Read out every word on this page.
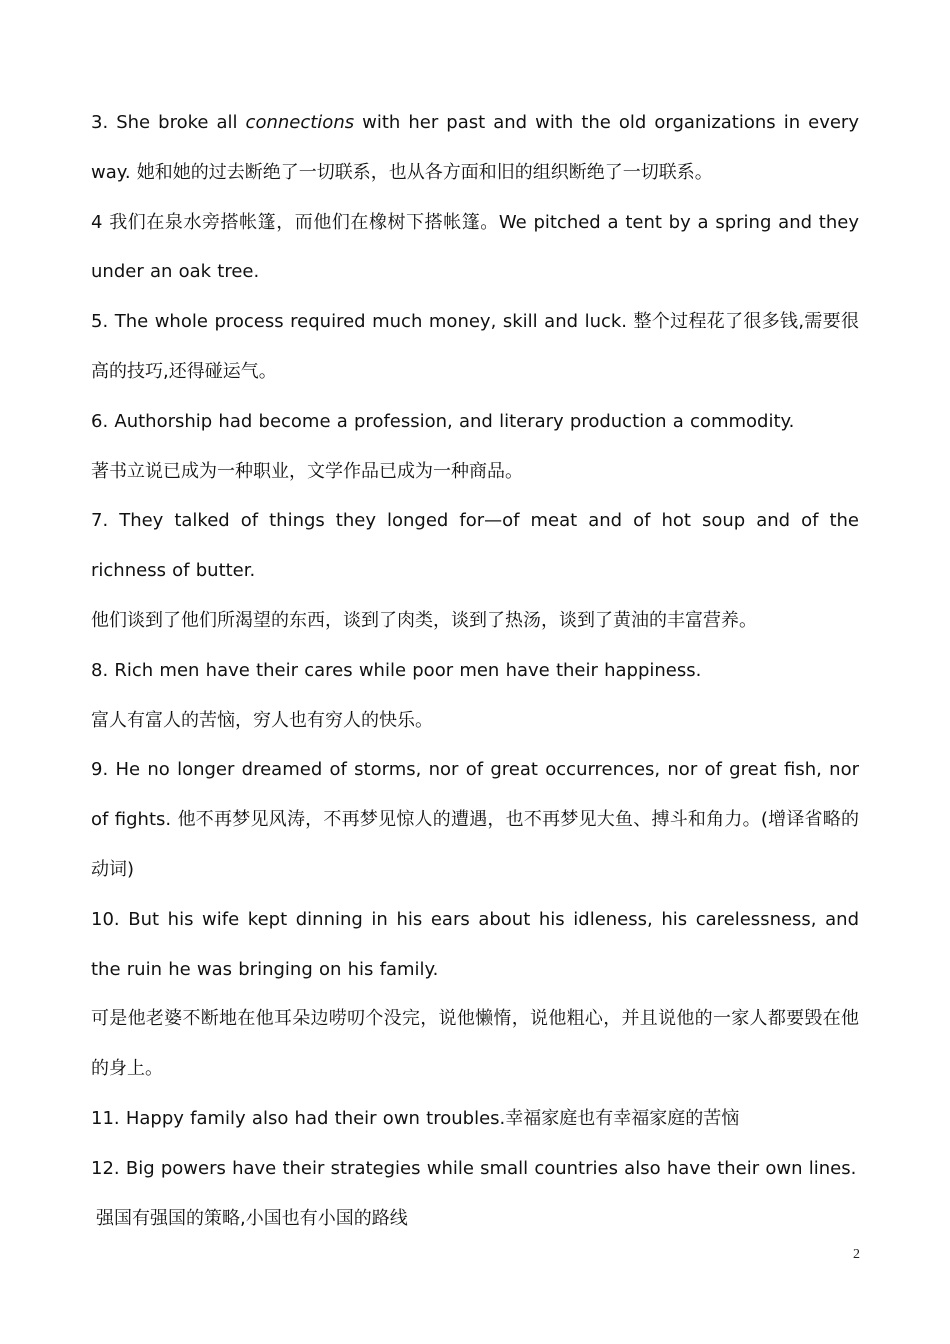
3. She broke all connections with her past and with the old organizations in every way. 她和她的过去断绝了一切联系，也从各方面和旧的组织断绝了一切联系。

4 我们在泉水旁搭帐篷，而他们在橡树下搭帐篷。We pitched a tent by a spring and they under an oak tree.

5. The whole process required much money, skill and luck. 整个过程花了很多钱,需要很高的技巧,还得碰运气。

6. Authorship had become a profession, and literary production a commodity.

著书立说已成为一种职业，文学作品已成为一种商品。

7. They talked of things they longed for—of meat and of hot soup and of the richness of butter.

他们谈到了他们所渴望的东西，谈到了肉类，谈到了热汤，谈到了黄油的丰富营养。

8. Rich men have their cares while poor men have their happiness.

富人有富人的苦恼，穷人也有穷人的快乐。

9. He no longer dreamed of storms, nor of great occurrences, nor of great fish, nor of fights. 他不再梦见风涛，不再梦见惊人的遭遇，也不再梦见大鱼、搏斗和角力。(增译省略的动词)

10. But his wife kept dinning in his ears about his idleness, his carelessness, and the ruin he was bringing on his family.

可是他老婆不断地在他耳朵边唠叨个没完，说他懒惰，说他粗心，并且说他的一家人都要毁在他的身上。

11. Happy family also had their own troubles.幸福家庭也有幸福家庭的苦恼

12. Big powers have their strategies while small countries also have their own lines.

强国有强国的策略,小国也有小国的路线

2
